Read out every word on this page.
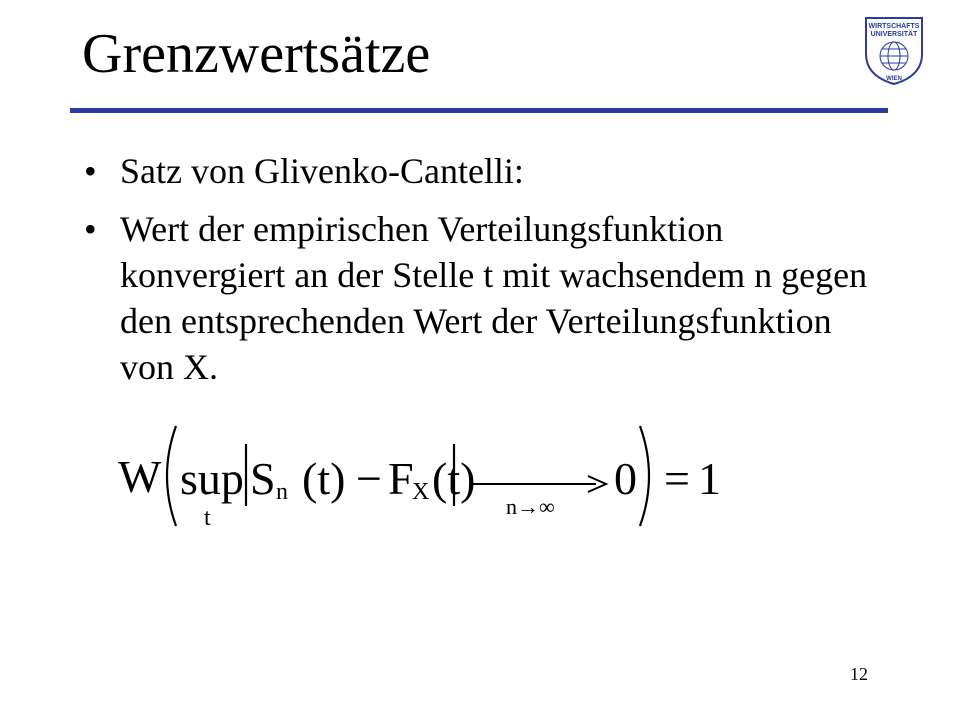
Grenzwertsätze	WIRTSCHAFTS
UNIVERSITÄT
WIEN
• Satz von Glivenko-Cantelli:
• Wert der empirischen Verteilungsfunktion konvergiert an der Stelle t mit wachsendem n gegen den entsprechenden Wert der Verteilungsfunktion von X.
W sup
t
S n (t) − F
X (t)
n→∞
0 = 1
12
